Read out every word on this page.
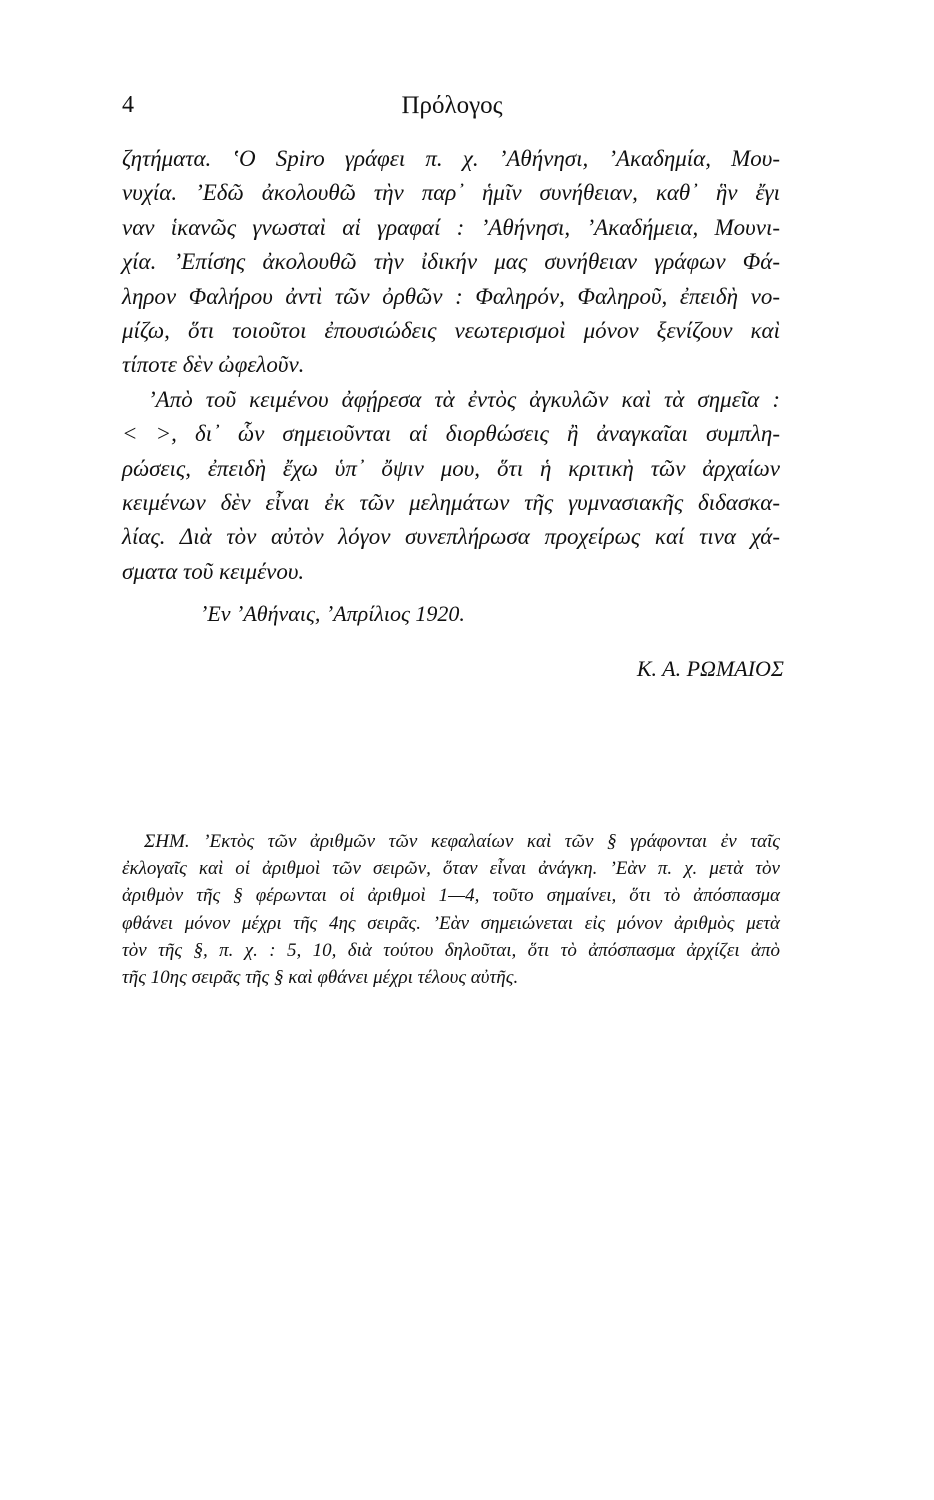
4	Πρόλογος
ζητήματα. ʽΟ Spiro γράφει π. χ. ʼΑθήνησι, ʼΑκαδημία, Μου-
νυχία. ʼΕδῶ ἀκολουθῶ τὴν παρ᾽ ἡμῖν συνήθειαν, καθ᾽ ἣν ἔγι
ναν ἱκανῶς γνωσταὶ αἱ γραφαί : ʼΑθήνησι, ʼΑκαδήμεια, Μουνι-
χία. ʼΕπίσης ἀκολουθῶ τὴν ἰδικήν μας συνήθειαν γράφων Φά-
ληρον Φαλήρου ἀντὶ τῶν ὀρθῶν : Φαληρόν, Φαληροῦ, ἐπειδὴ νο-
μίζω, ὅτι τοιοῦτοι ἐπουσιώδεις νεωτερισμοὶ μόνον ξενίζουν καὶ
τίποτε δὲν ὠφελοῦν.
ʼΑπὸ τοῦ κειμένου ἀφῄρεσα τὰ ἐντὸς ἀγκυλῶν καὶ τὰ σημεῖα :
< >, δι᾽ ὧν σημειοῦνται αἱ διορθώσεις ἢ ἀναγκαῖαι συμπλη-
ρώσεις, ἐπειδὴ ἔχω ὑπ᾽ ὄψιν μου, ὅτι ἡ κριτικὴ τῶν ἀρχαίων
κειμένων δὲν εἶναι ἐκ τῶν μελημάτων τῆς γυμνασιακῆς διδασκα-
λίας. Διὰ τὸν αὐτὸν λόγον συνεπλήρωσα προχείρως καί τινα χά-
σματα τοῦ κειμένου.
ʼΕν ʼΑθήναις, ʼΑπρίλιος 1920.
Κ. Α. ΡΩΜΑΙΟΣ
ΣΗΜ. ʼΕκτὸς τῶν ἀριθμῶν τῶν κεφαλαίων καὶ τῶν § γράφονται ἐν ταῖς
ἐκλογαῖς καὶ οἱ ἀριθμοὶ τῶν σειρῶν, ὅταν εἶναι ἀνάγκη. ʼΕὰν π. χ. μετὰ τὸν
ἀριθμὸν τῆς § φέρωνται οἱ ἀριθμοὶ 1—4, τοῦτο σημαίνει, ὅτι τὸ ἀπόσπασμα
φθάνει μόνον μέχρι τῆς 4ης σειρᾶς. ʼΕὰν σημειώνεται εἰς μόνον ἀριθμὸς μετὰ
τὸν τῆς §, π. χ. : 5, 10, διὰ τούτου δηλοῦται, ὅτι τὸ ἀπόσπασμα ἀρχίζει ἀπὸ
τῆς 10ης σειρᾶς τῆς § καὶ φθάνει μέχρι τέλους αὐτῆς.
